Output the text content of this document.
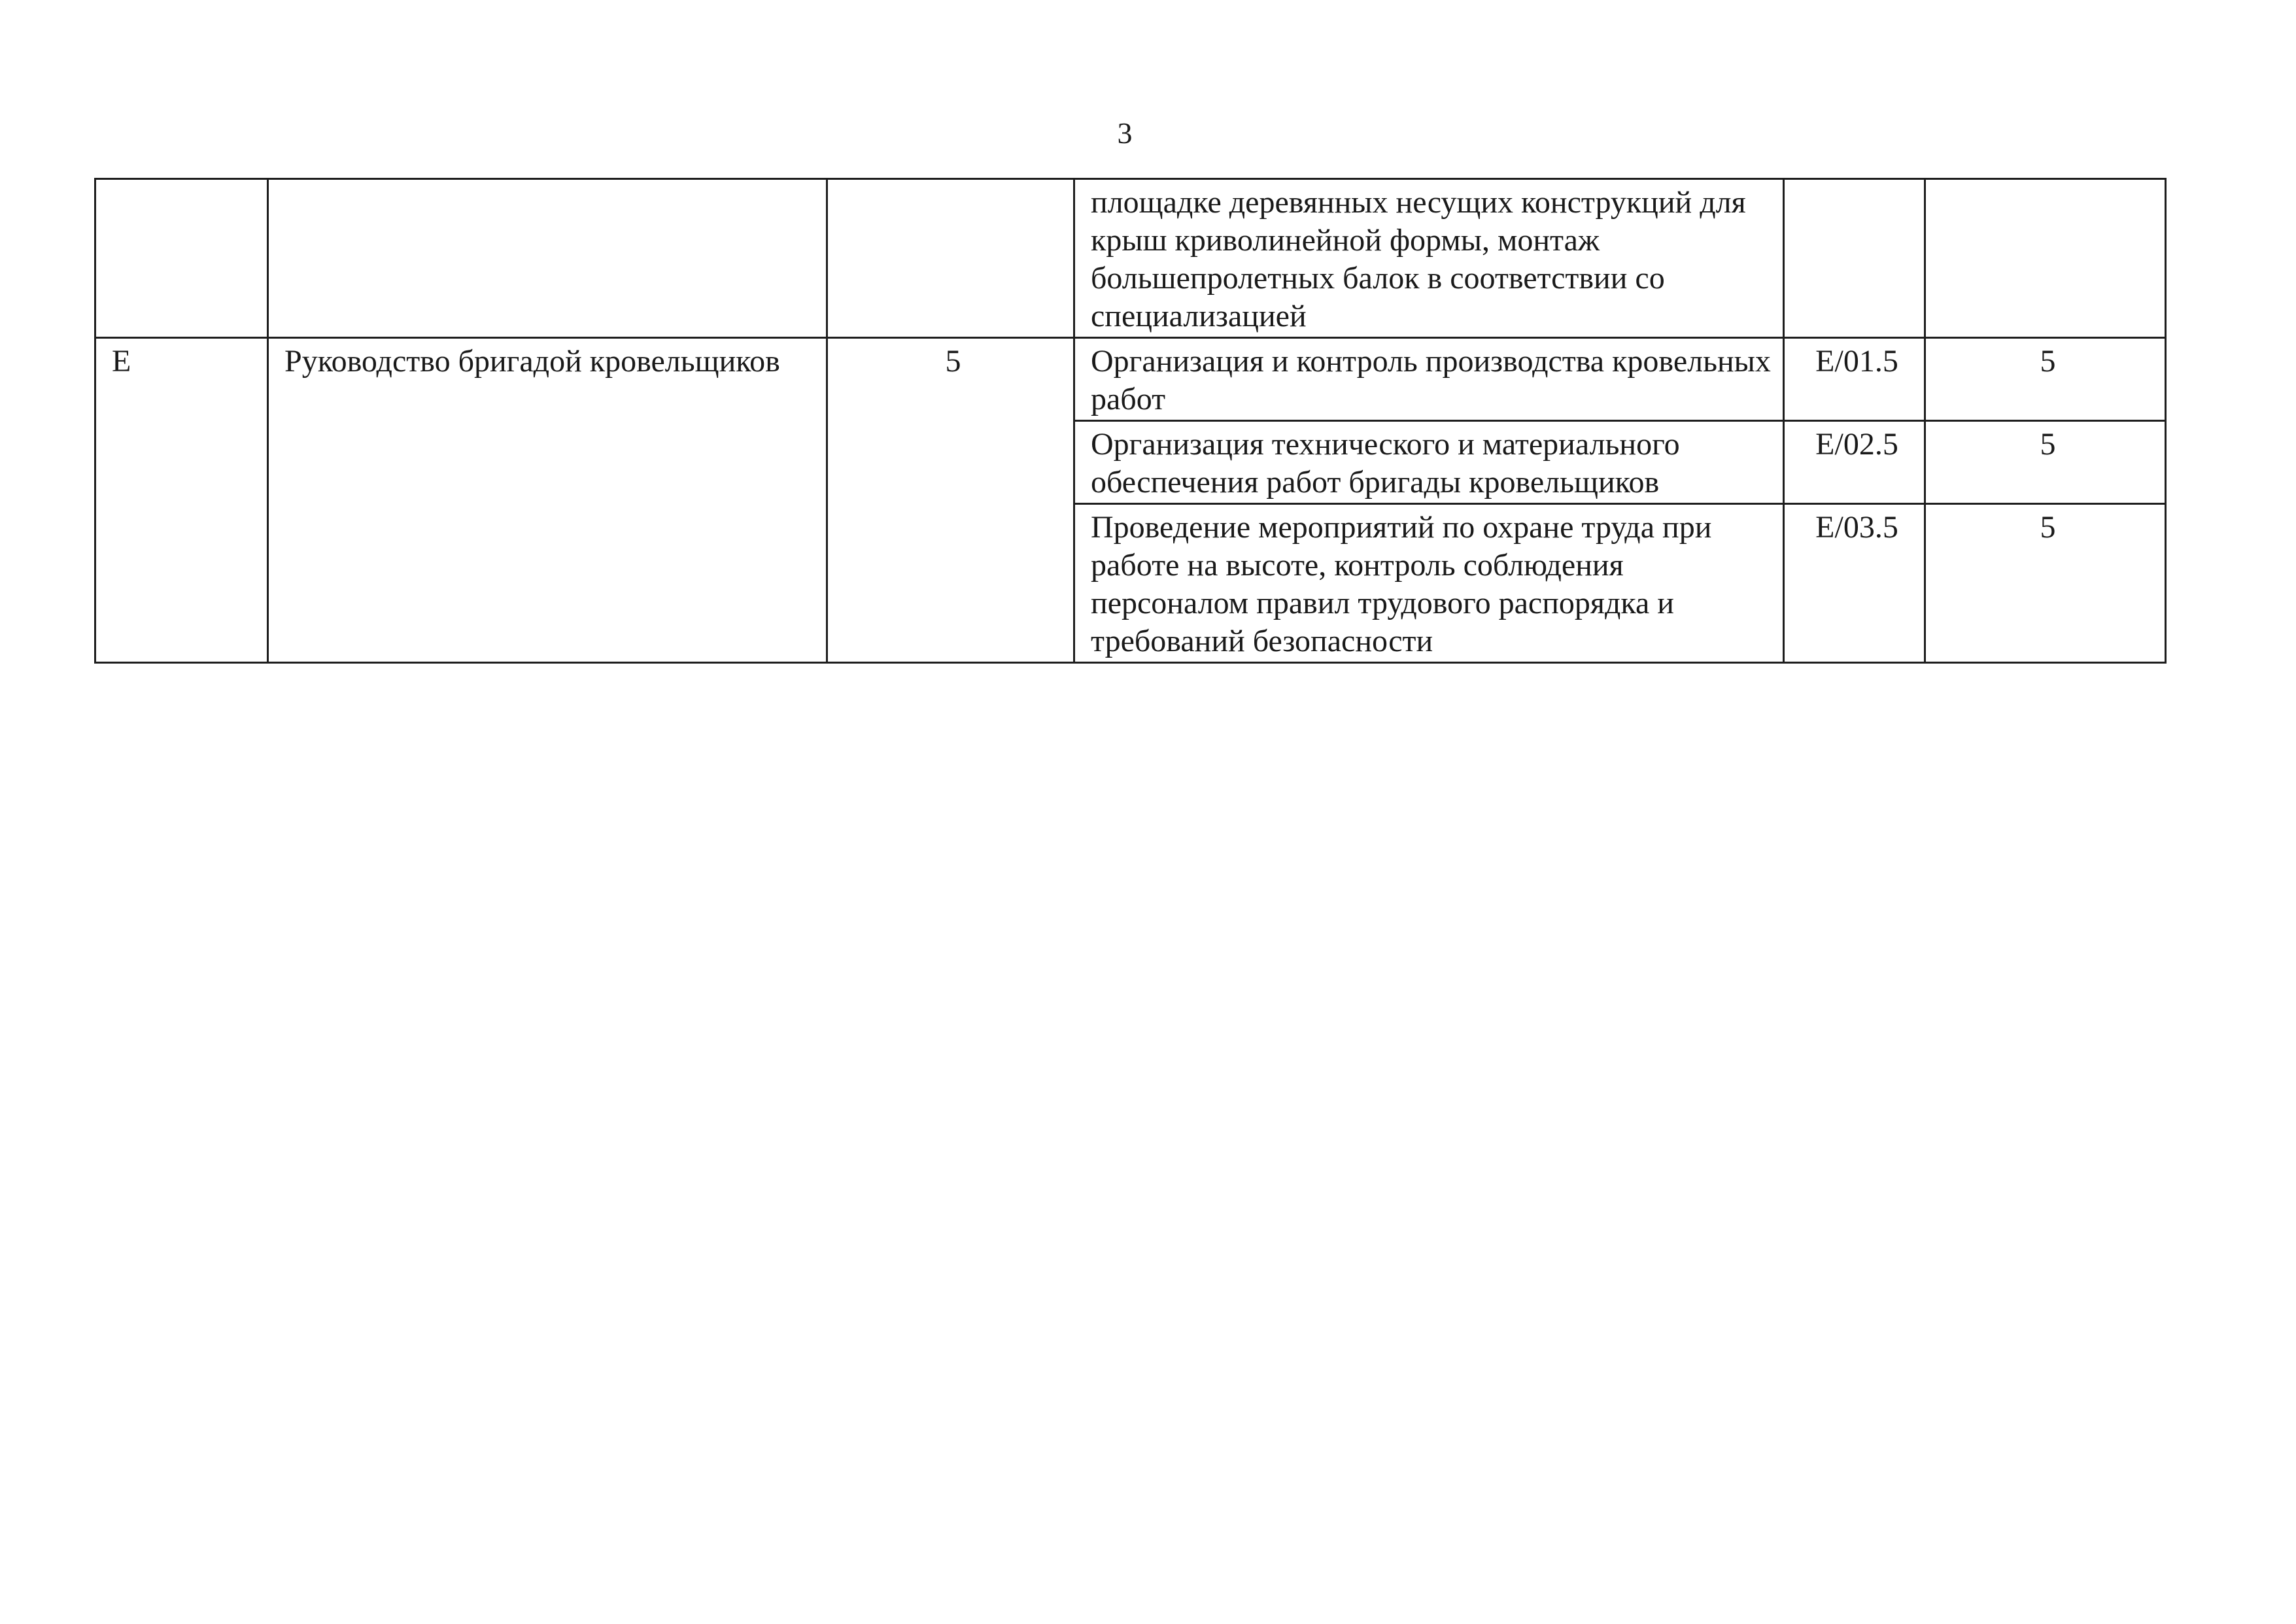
3
			площадке деревянных несущих конструкций для крыш криволинейной формы, монтаж большепролетных балок в соответствии со специализацией		
E	Руководство бригадой кровельщиков	5	Организация и контроль производства кровельных работ	E/01.5	5
			Организация технического и материального обеспечения работ бригады кровельщиков	E/02.5	5
			Проведение мероприятий по охране труда при работе на высоте, контроль соблюдения персоналом правил трудового распорядка и требований безопасности	E/03.5	5
